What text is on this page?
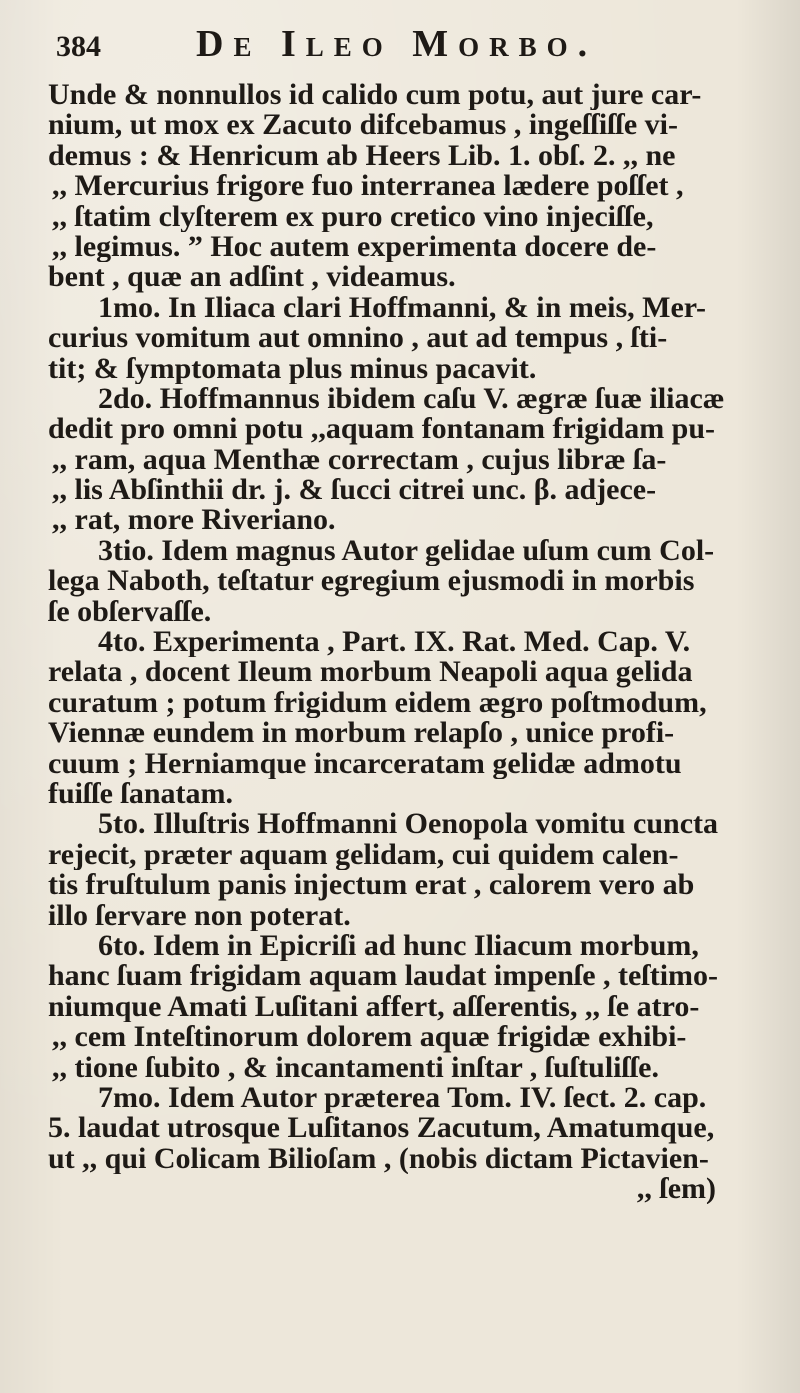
384	De Ileo Morbo.
Unde & nonnullos id calido cum potu, aut jure car-
nium, ut mox ex Zacuto difcebamus , ingeſſiſſe vi-
demus : & Henricum ab Heers Lib. 1. obſ. 2. ,, ne
,, Mercurius frigore fuo interranea lædere poſſet ,
,, ſtatim clyſterem ex puro cretico vino injeciſſe,
,, legimus. ” Hoc autem experimenta docere de-
bent , quæ an adſint , videamus.
1mo. In Iliaca clari Hoffmanni, & in meis, Mer-
curius vomitum aut omnino , aut ad tempus , ſti-
tit; & ſymptomata plus minus pacavit.
2do. Hoffmannus ibidem caſu V. ægræ ſuæ iliacæ
dedit pro omni potu ,,aquam fontanam frigidam pu-
,, ram, aqua Menthæ correctam , cujus libræ ſa-
,, lis Abſinthii dr. j. & ſucci citrei unc. β. adjece-
,, rat, more Riveriano.
3tio. Idem magnus Autor gelidae uſum cum Col-
lega Naboth, teſtatur egregium ejusmodi in morbis
ſe obſervaſſe.
4to. Experimenta , Part. IX. Rat. Med. Cap. V.
relata , docent Ileum morbum Neapoli aqua gelida
curatum ; potum frigidum eidem ægro poſtmodum,
Viennæ eundem in morbum relapſo , unice profi-
cuum ; Herniamque incarceratam gelidæ admotu
fuiſſe ſanatam.
5to. Illuſtris Hoffmanni Oenopola vomitu cuncta
rejecit, præter aquam gelidam, cui quidem calen-
tis fruſtulum panis injectum erat , calorem vero ab
illo ſervare non poterat.
6to. Idem in Epicriſi ad hunc Iliacum morbum,
hanc ſuam frigidam aquam laudat impenſe , teſtimo-
niumque Amati Luſitani affert, aſſerentis, ,, ſe atro-
,, cem Inteſtinorum dolorem aquæ frigidæ exhibi-
,, tione ſubito , & incantamenti inſtar , ſuſtuliſſe.
7mo. Idem Autor præterea Tom. IV. ſect. 2. cap.
5. laudat utrosque Luſitanos Zacutum, Amatumque,
ut ,, qui Colicam Bilioſam , (nobis dictam Pictavien-
,, ſem)
